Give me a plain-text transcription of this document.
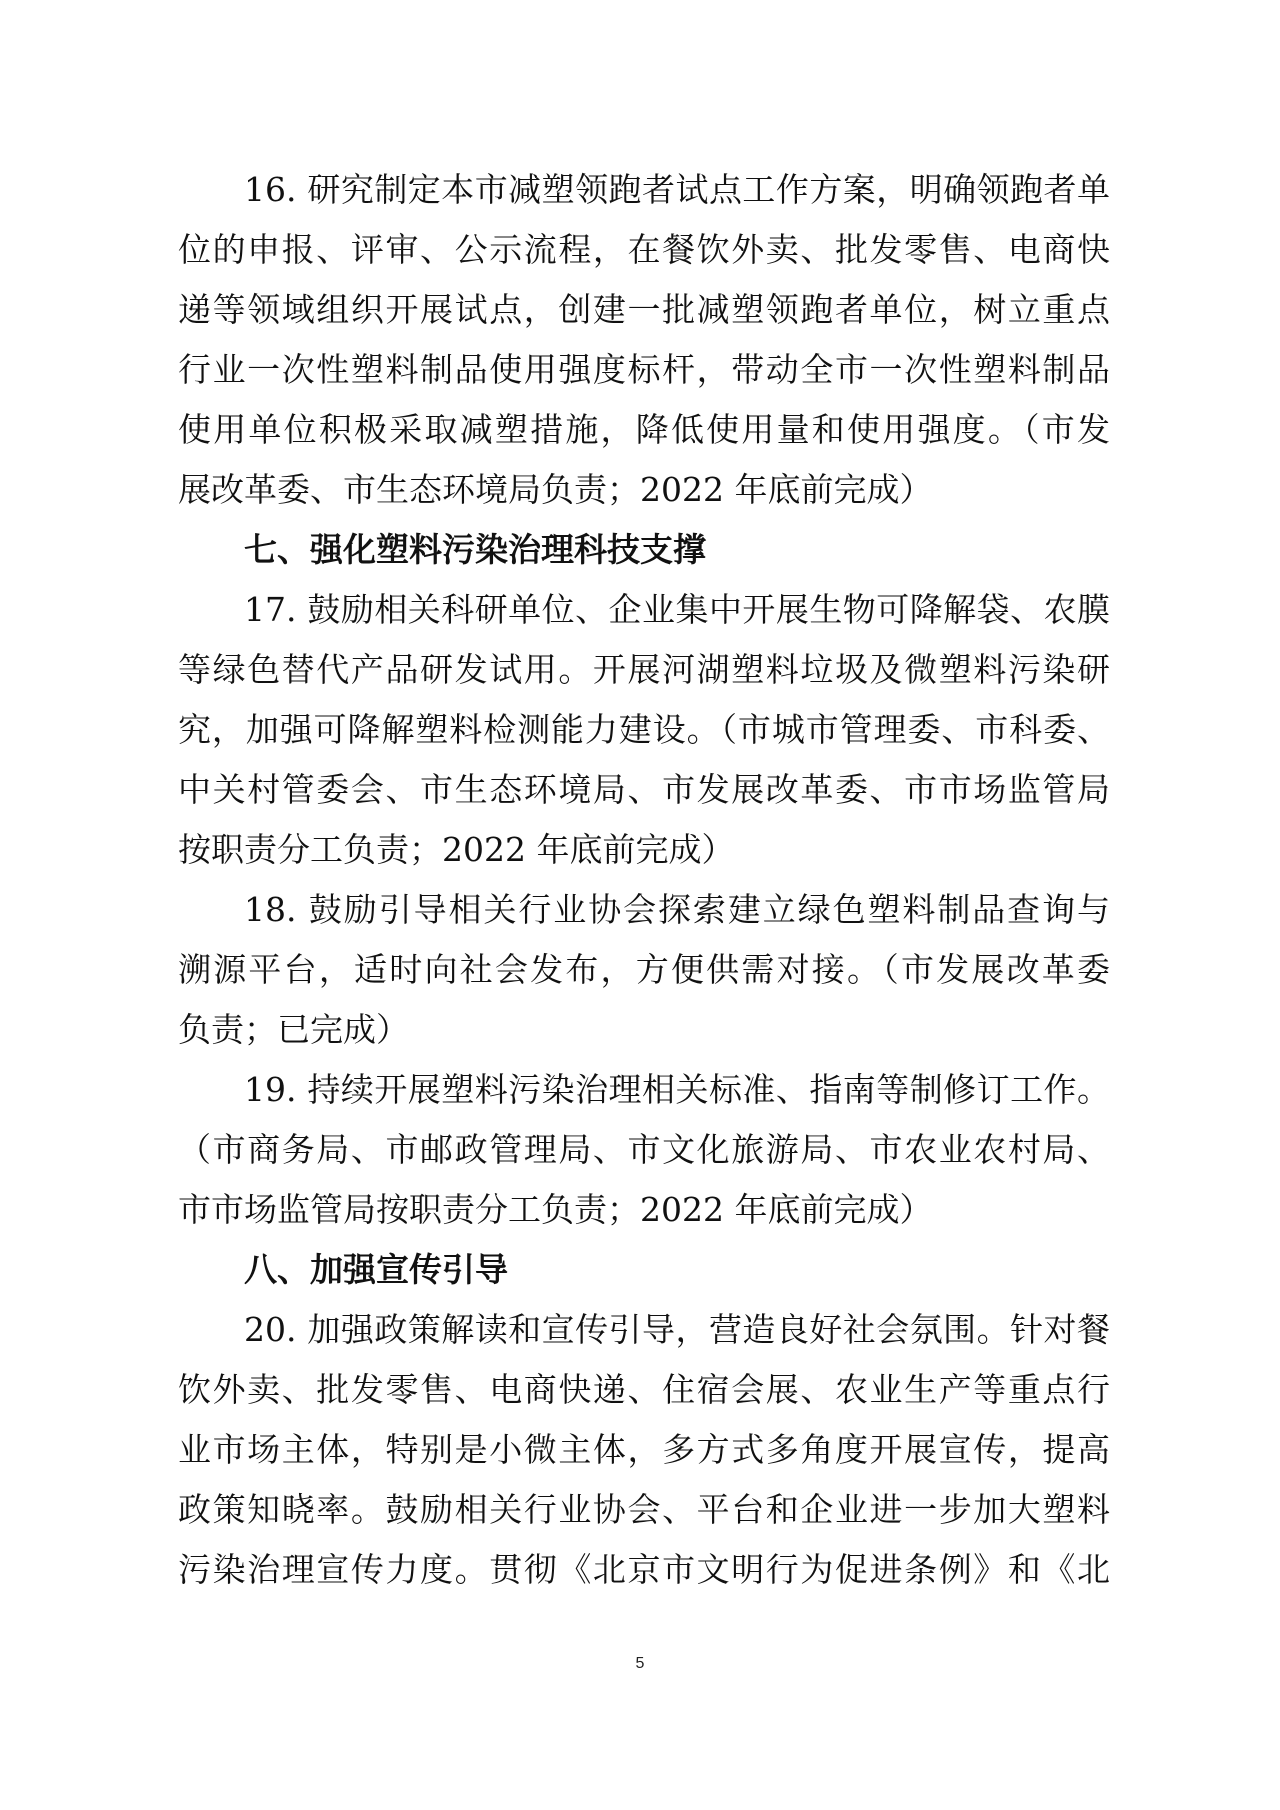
16. 研究制定本市减塑领跑者试点工作方案，明确领跑者单
位的申报、评审、公示流程，在餐饮外卖、批发零售、电商快
递等领域组织开展试点，创建一批减塑领跑者单位，树立重点
行业一次性塑料制品使用强度标杆，带动全市一次性塑料制品
使用单位积极采取减塑措施，降低使用量和使用强度。（市发
展改革委、市生态环境局负责；2022 年底前完成）
七、强化塑料污染治理科技支撑
17. 鼓励相关科研单位、企业集中开展生物可降解袋、农膜
等绿色替代产品研发试用。开展河湖塑料垃圾及微塑料污染研
究，加强可降解塑料检测能力建设。（市城市管理委、市科委、
中关村管委会、市生态环境局、市发展改革委、市市场监管局
按职责分工负责；2022 年底前完成）
18. 鼓励引导相关行业协会探索建立绿色塑料制品查询与
溯源平台，适时向社会发布，方便供需对接。（市发展改革委
负责；已完成）
19. 持续开展塑料污染治理相关标准、指南等制修订工作。
（市商务局、市邮政管理局、市文化旅游局、市农业农村局、
市市场监管局按职责分工负责；2022 年底前完成）
八、加强宣传引导
20. 加强政策解读和宣传引导，营造良好社会氛围。针对餐
饮外卖、批发零售、电商快递、住宿会展、农业生产等重点行
业市场主体，特别是小微主体，多方式多角度开展宣传，提高
政策知晓率。鼓励相关行业协会、平台和企业进一步加大塑料
污染治理宣传力度。贯彻《北京市文明行为促进条例》和《北
5
